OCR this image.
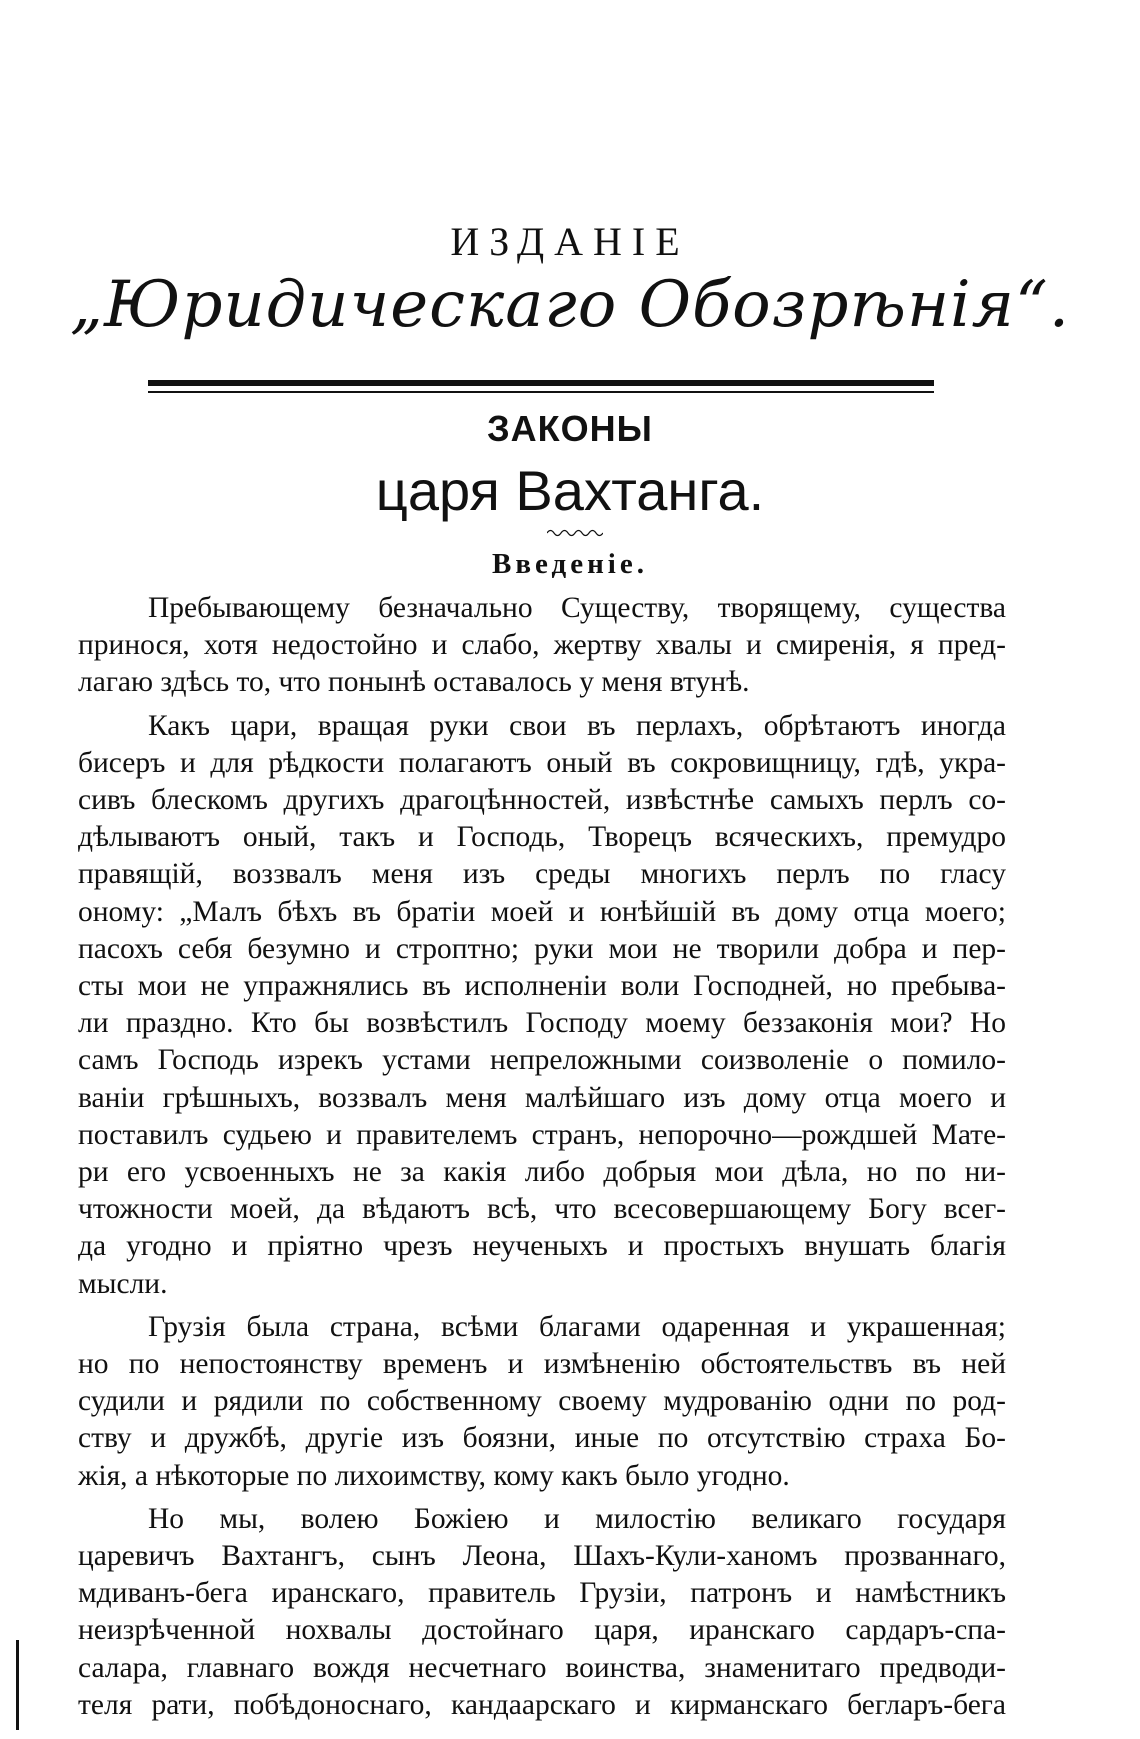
ИЗДАНІЕ
„Юридическаго Обозрѣнія“.
ЗАКОНЫ
царя Вахтанга.
Введеніе.

Пребывающему безначально Существу, творящему, существа
принося, хотя недостойно и слабо, жертву хвалы и смиренія, я пред-
лагаю здѣсь то, что понынѣ оставалось у меня втунѣ.

Какъ цари, вращая руки свои въ перлахъ, обрѣтаютъ иногда
бисеръ и для рѣдкости полагаютъ оный въ сокровищницу, гдѣ, укра-
сивъ блескомъ другихъ драгоцѣнностей, извѣстнѣе самыхъ перлъ со-
дѣлываютъ оный, такъ и Господь, Творецъ всяческихъ, премудро
правящій, воззвалъ меня изъ среды многихъ перлъ по гласу
оному: „Малъ бѣхъ въ братіи моей и юнѣйшій въ дому отца моего;
пасохъ себя безумно и строптно; руки мои не творили добра и пер-
сты мои не упражнялись въ исполненіи воли Господней, но пребыва-
ли праздно. Кто бы возвѣстилъ Господу моему беззаконія мои? Но
самъ Господь изрекъ устами непреложными соизволеніе о помило-
ваніи грѣшныхъ, воззвалъ меня малѣйшаго изъ дому отца моего и
поставилъ судьею и правителемъ странъ, непорочно—рождшей Мате-
ри его усвоенныхъ не за какія либо добрыя мои дѣла, но по ни-
чтожности моей, да вѣдаютъ всѣ, что всесовершающему Богу всег-
да угодно и пріятно чрезъ неученыхъ и простыхъ внушать благія
мысли.

Грузія была страна, всѣми благами одаренная и украшенная;
но по непостоянству временъ и измѣненію обстоятельствъ въ ней
судили и рядили по собственному своему мудрованію одни по род-
ству и дружбѣ, другіе изъ боязни, иные по отсутствію страха Бо-
жія, а нѣкоторые по лихоимству, кому какъ было угодно.

Но мы, волею Божіею и милостію великаго государя
царевичъ Вахтангъ, сынъ Леона, Шахъ-Кули-ханомъ прозваннаго,
мдиванъ-бега иранскаго, правитель Грузіи, патронъ и намѣстникъ
неизрѣченной нохвалы достойнаго царя, иранскаго сардаръ-спа-
салара, главнаго вождя несчетнаго воинства, знаменитаго предводи-
теля рати, побѣдоноснаго, кандаарскаго и кирманскаго бегларъ-бега
